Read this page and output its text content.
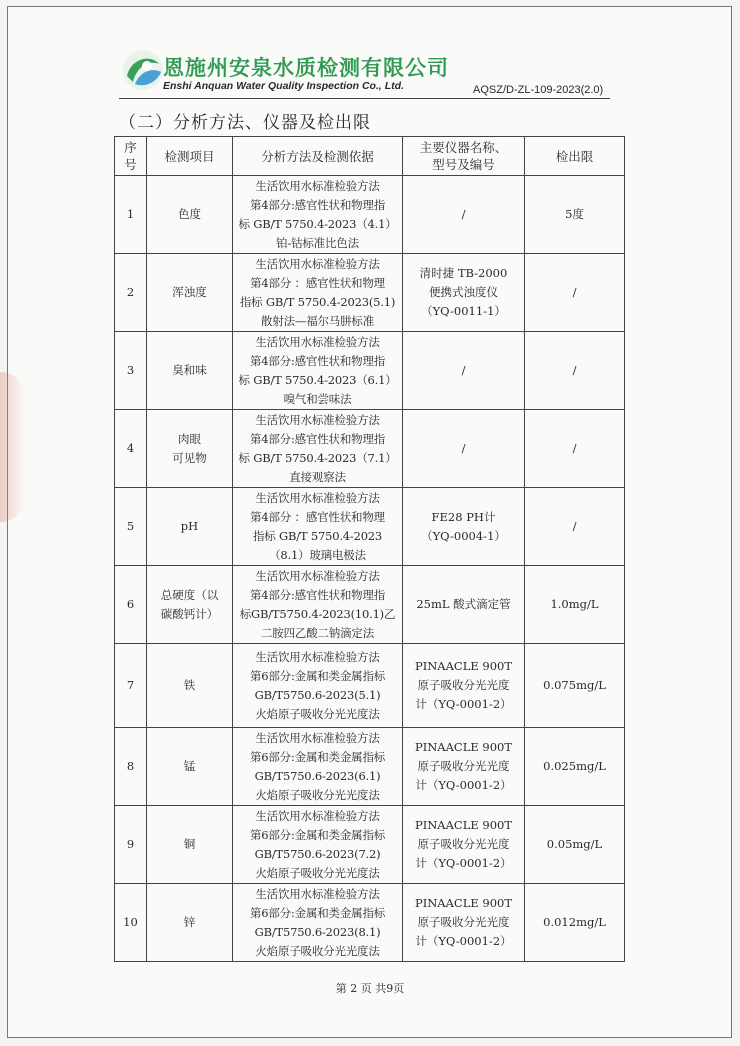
恩施州安泉水质检测有限公司
Enshi Anquan Water Quality Inspection Co., Ltd.	AQSZ/D-ZL-109-2023(2.0)
（二）分析方法、仪器及检出限
序
号	检测项目	分析方法及检测依据	主要仪器名称、
型号及编号	检出限
1	色度	生活饮用水标准检验方法
第4部分:感官性状和物理指
标 GB/T 5750.4-2023（4.1）
铂-钴标准比色法	/	5度
2	浑浊度	生活饮用水标准检验方法
第4部分 ：感官性状和物理
指标 GB/T 5750.4-2023(5.1)
散射法—福尔马肼标准	清时捷 TB-2000
便携式浊度仪
（YQ-0011-1）	/
3	臭和味	生活饮用水标准检验方法
第4部分:感官性状和物理指
标 GB/T 5750.4-2023（6.1）
嗅气和尝味法	/	/
4	肉眼
可见物	生活饮用水标准检验方法
第4部分:感官性状和物理指
标 GB/T 5750.4-2023（7.1）
直接观察法	/	/
5	pH	生活饮用水标准检验方法
第4部分 ：感官性状和物理
指标 GB/T 5750.4-2023
（8.1）玻璃电极法	FE28 PH计
（YQ-0004-1）	/
6	总硬度（以
碳酸钙计）	生活饮用水标准检验方法
第4部分:感官性状和物理指
标GB/T5750.4-2023(10.1)乙
二胺四乙酸二钠滴定法	25mL 酸式滴定管	1.0mg/L
7	铁	生活饮用水标准检验方法
第6部分:金属和类金属指标
GB/T5750.6-2023(5.1)
火焰原子吸收分光光度法	PINAACLE 900T
原子吸收分光光度
计（YQ-0001-2）	0.075mg/L
8	锰	生活饮用水标准检验方法
第6部分:金属和类金属指标
GB/T5750.6-2023(6.1)
火焰原子吸收分光光度法	PINAACLE 900T
原子吸收分光光度
计（YQ-0001-2）	0.025mg/L
9	铜	生活饮用水标准检验方法
第6部分:金属和类金属指标
GB/T5750.6-2023(7.2)
火焰原子吸收分光光度法	PINAACLE 900T
原子吸收分光光度
计（YQ-0001-2）	0.05mg/L
10	锌	生活饮用水标准检验方法
第6部分:金属和类金属指标
GB/T5750.6-2023(8.1)
火焰原子吸收分光光度法	PINAACLE 900T
原子吸收分光光度
计（YQ-0001-2）	0.012mg/L
第 2 页 共9页
